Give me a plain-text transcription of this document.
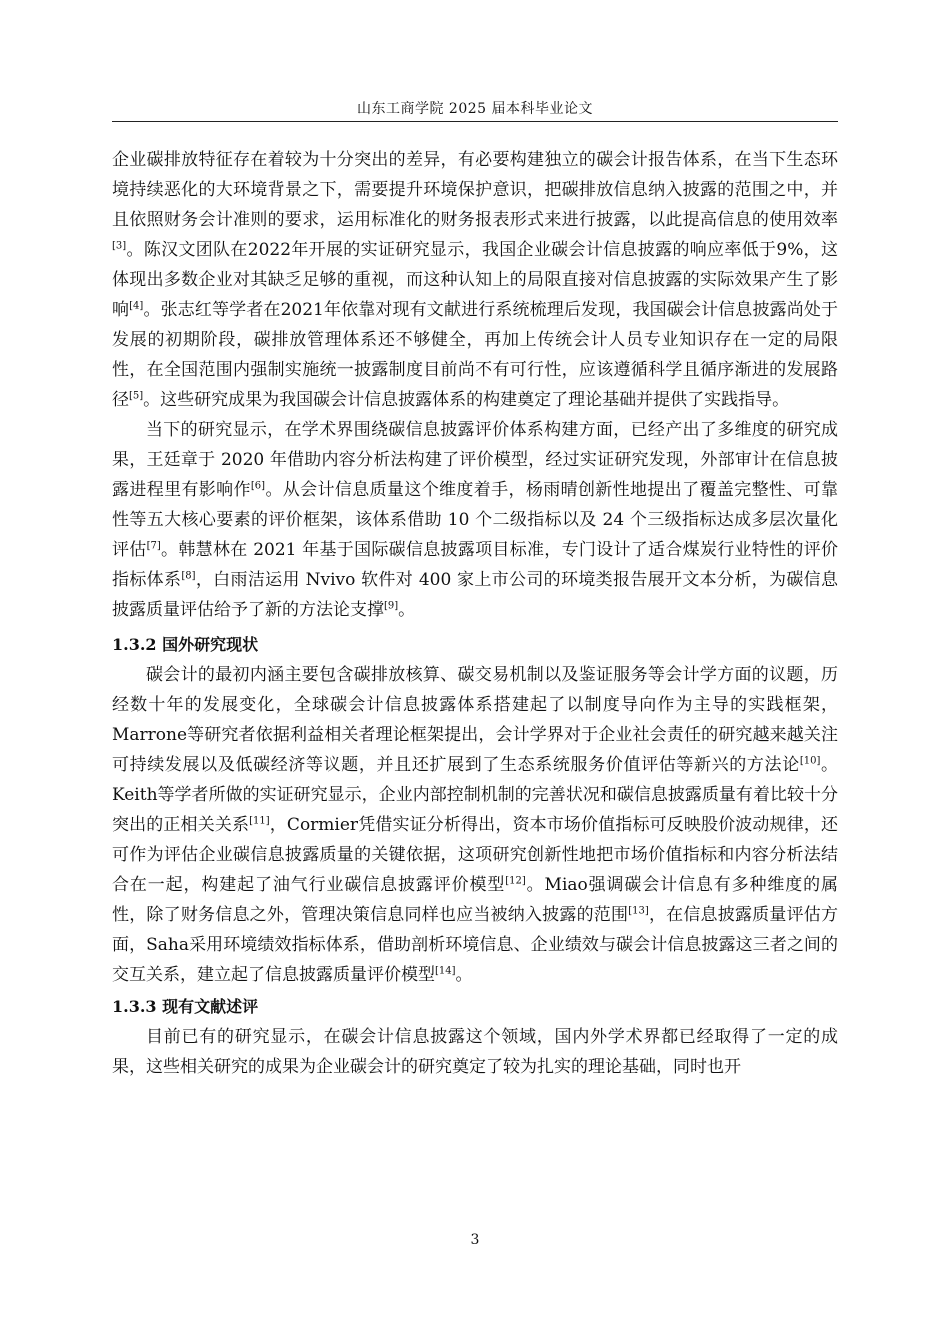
山东工商学院 2025 届本科毕业论文

企业碳排放特征存在着较为十分突出的差异，有必要构建独立的碳会计报告体系，在当下生态环境持续恶化的大环境背景之下，需要提升环境保护意识，把碳排放信息纳入披露的范围之中，并且依照财务会计准则的要求，运用标准化的财务报表形式来进行披露，以此提高信息的使用效率[3]。陈汉文团队在2022年开展的实证研究显示，我国企业碳会计信息披露的响应率低于9%，这体现出多数企业对其缺乏足够的重视，而这种认知上的局限直接对信息披露的实际效果产生了影响[4]。张志红等学者在2021年依靠对现有文献进行系统梳理后发现，我国碳会计信息披露尚处于发展的初期阶段，碳排放管理体系还不够健全，再加上传统会计人员专业知识存在一定的局限性，在全国范围内强制实施统一披露制度目前尚不有可行性，应该遵循科学且循序渐进的发展路径[5]。这些研究成果为我国碳会计信息披露体系的构建奠定了理论基础并提供了实践指导。

当下的研究显示，在学术界围绕碳信息披露评价体系构建方面，已经产出了多维度的研究成果，王廷章于 2020 年借助内容分析法构建了评价模型，经过实证研究发现，外部审计在信息披露进程里有影响作[6]。从会计信息质量这个维度着手，杨雨晴创新性地提出了覆盖完整性、可靠性等五大核心要素的评价框架，该体系借助 10 个二级指标以及 24 个三级指标达成多层次量化评估[7]。韩慧林在 2021 年基于国际碳信息披露项目标准，专门设计了适合煤炭行业特性的评价指标体系[8]，白雨洁运用 Nvivo 软件对 400 家上市公司的环境类报告展开文本分析，为碳信息披露质量评估给予了新的方法论支撑[9]。

1.3.2 国外研究现状

碳会计的最初内涵主要包含碳排放核算、碳交易机制以及鉴证服务等会计学方面的议题，历经数十年的发展变化，全球碳会计信息披露体系搭建起了以制度导向作为主导的实践框架，Marrone等研究者依据利益相关者理论框架提出，会计学界对于企业社会责任的研究越来越关注可持续发展以及低碳经济等议题，并且还扩展到了生态系统服务价值评估等新兴的方法论[10]。Keith等学者所做的实证研究显示，企业内部控制机制的完善状况和碳信息披露质量有着比较十分突出的正相关关系[11]，Cormier凭借实证分析得出，资本市场价值指标可反映股价波动规律，还可作为评估企业碳信息披露质量的关键依据，这项研究创新性地把市场价值指标和内容分析法结合在一起，构建起了油气行业碳信息披露评价模型[12]。Miao强调碳会计信息有多种维度的属性，除了财务信息之外，管理决策信息同样也应当被纳入披露的范围[13]，在信息披露质量评估方面，Saha采用环境绩效指标体系，借助剖析环境信息、企业绩效与碳会计信息披露这三者之间的交互关系，建立起了信息披露质量评价模型[14]。

1.3.3 现有文献述评

目前已有的研究显示，在碳会计信息披露这个领域，国内外学术界都已经取得了一定的成果，这些相关研究的成果为企业碳会计的研究奠定了较为扎实的理论基础，同时也开

3
